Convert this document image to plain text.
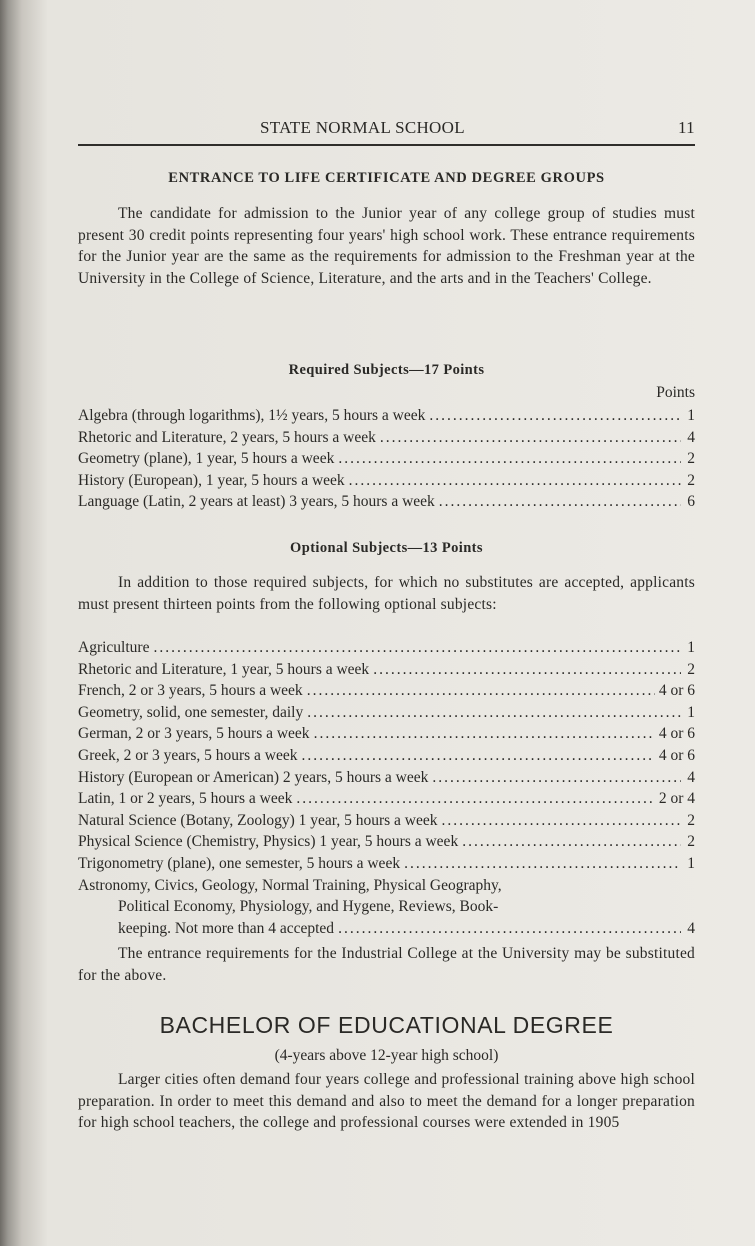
STATE NORMAL SCHOOL	11
ENTRANCE TO LIFE CERTIFICATE AND DEGREE GROUPS
The candidate for admission to the Junior year of any college group of studies must present 30 credit points representing four years' high school work. These entrance requirements for the Junior year are the same as the requirements for admission to the Freshman year at the University in the College of Science, Literature, and the arts and in the Teachers' College.
Required Subjects—17 Points
Points
Algebra (through logarithms), 1½ years, 5 hours a week .....	1
Rhetoric and Literature, 2 years, 5 hours a week .....	4
Geometry (plane), 1 year, 5 hours a week .....	2
History (European), 1 year, 5 hours a week .....	2
Language (Latin, 2 years at least) 3 years, 5 hours a week .....	6
Optional Subjects—13 Points
In addition to those required subjects, for which no substitutes are accepted, applicants must present thirteen points from the following optional subjects:
Agriculture .....	1
Rhetoric and Literature, 1 year, 5 hours a week .....	2
French, 2 or 3 years, 5 hours a week .....	4 or 6
Geometry, solid, one semester, daily .....	1
German, 2 or 3 years, 5 hours a week .....	4 or 6
Greek, 2 or 3 years, 5 hours a week .....	4 or 6
History (European or American) 2 years, 5 hours a week .....	4
Latin, 1 or 2 years, 5 hours a week .....	2 or 4
Natural Science (Botany, Zoology) 1 year, 5 hours a week .....	2
Physical Science (Chemistry, Physics) 1 year, 5 hours a week .....	2
Trigonometry (plane), one semester, 5 hours a week .....	1
Astronomy, Civics, Geology, Normal Training, Physical Geography,
Political Economy, Physiology, and Hygene, Reviews, Book-
keeping. Not more than 4 accepted .....	4
The entrance requirements for the Industrial College at the University may be substituted for the above.
BACHELOR OF EDUCATIONAL DEGREE
(4-years above 12-year high school)
Larger cities often demand four years college and professional training above high school preparation. In order to meet this demand and also to meet the demand for a longer preparation for high school teachers, the college and professional courses were extended in 1905
